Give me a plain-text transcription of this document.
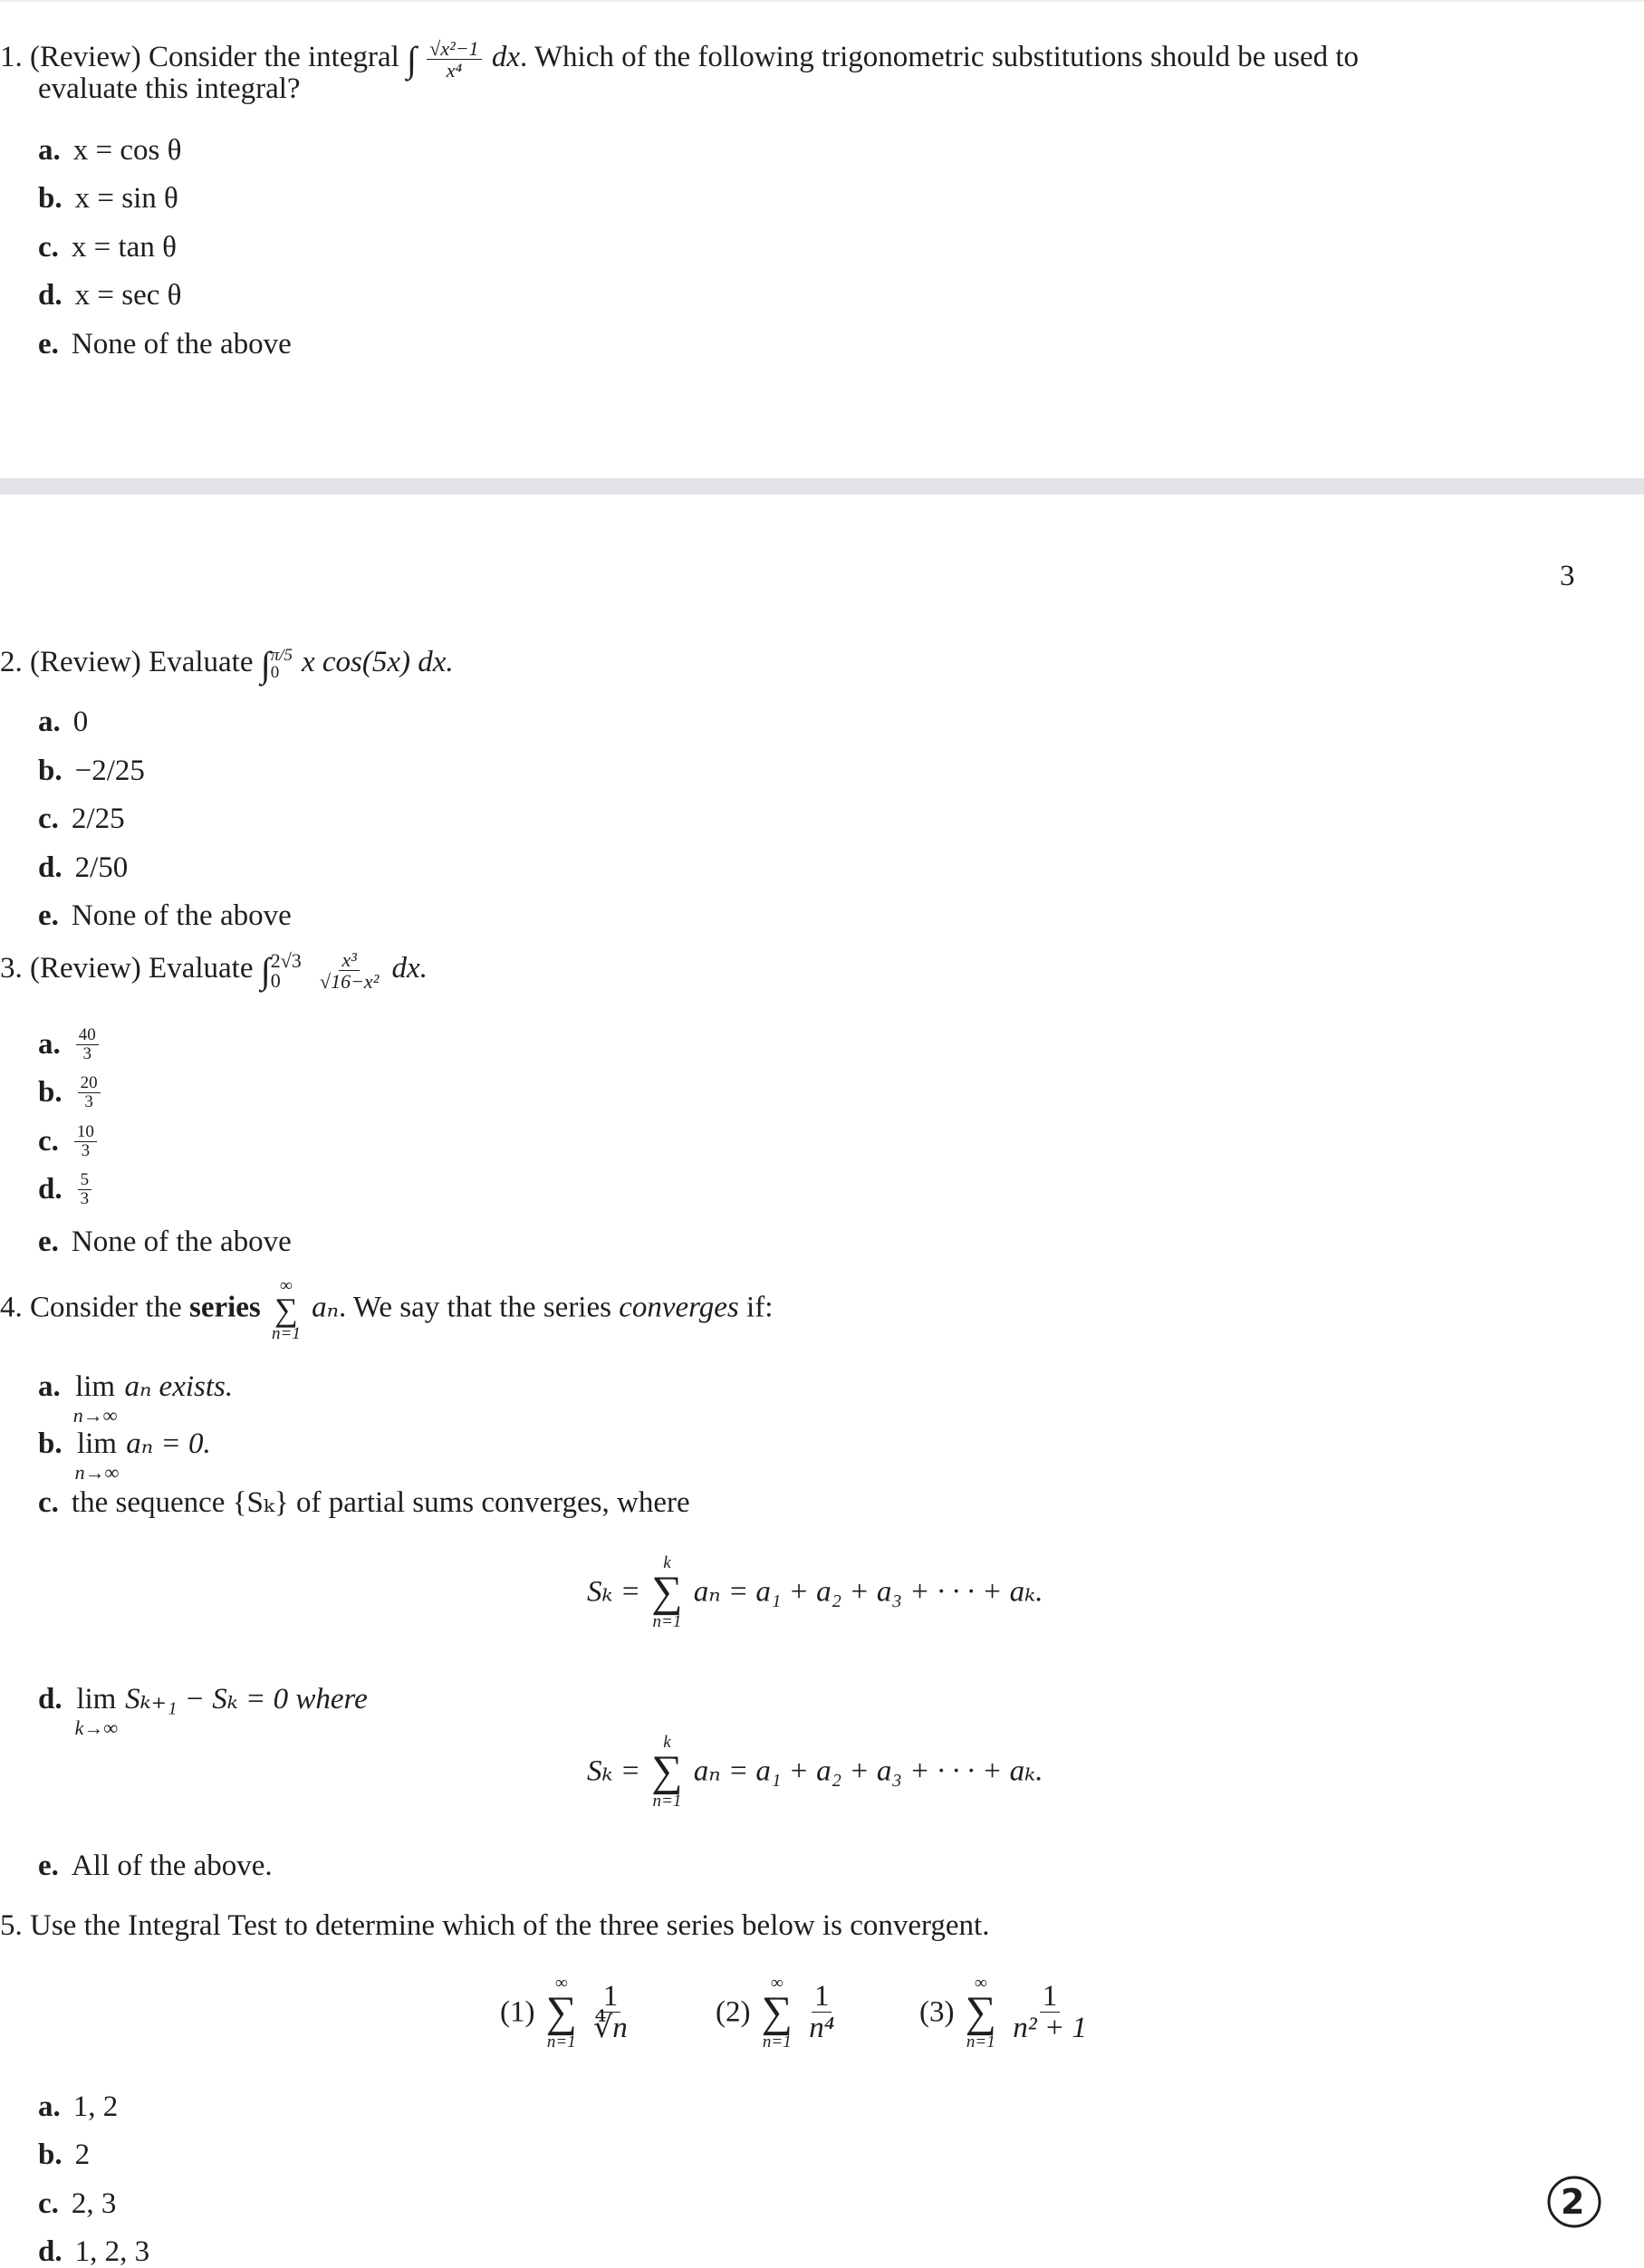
1. (Review) Consider the integral ∫ $\frac{\text{√x²−1}}{\text{x⁴}}$ dx. Which of the following trigonometric substitutions should be used to
evaluate this integral?
a. x = cos θ
b. x = sin θ
c. x = tan θ
d. x = sec θ
e. None of the above
3
2. (Review) Evaluate ∫ π/5
0 x cos(5x) dx.
a. 0
b. −2/25
c. 2/25
d. 2/50
e. None of the above
3. (Review) Evaluate ∫ 2√3
0
	$\frac{\text{x³}}{\text{√16−x²}}$ dx.
a. $\frac{40}{3}$
b. $\frac{20}{3}$
c. $\frac{10}{3}$
d. $\frac{5}{3}$
e. None of the above
4. Consider the series
∞
∑
n=1
aₙ. We say that the series converges if:
a. lim
n→∞
aₙ exists.
b. lim
n→∞
aₙ = 0.
c. the sequence {Sₖ} of partial sums converges, where
Sₖ =
k
∑
n=1
aₙ = a₁ + a₂ + a₃ + · · · + aₖ.
d. lim
k→∞
Sₖ₊₁ − Sₖ = 0 where
Sₖ =
k
∑
n=1
aₙ = a₁ + a₂ + a₃ + · · · + aₖ.
e. All of the above.
5. Use the Integral Test to determine which of the three series below is convergent.
(1)
∞
∑
n=1
$\frac{1}{∜n}$	(2)
∞
∑
n=1
$\frac{1}{\text{n⁴}}$	(3)
∞
∑
n=1
$\frac{1}{\text{n² + 1}}$
a. 1, 2
b. 2
c. 2, 3
d. 1, 2, 3
2
